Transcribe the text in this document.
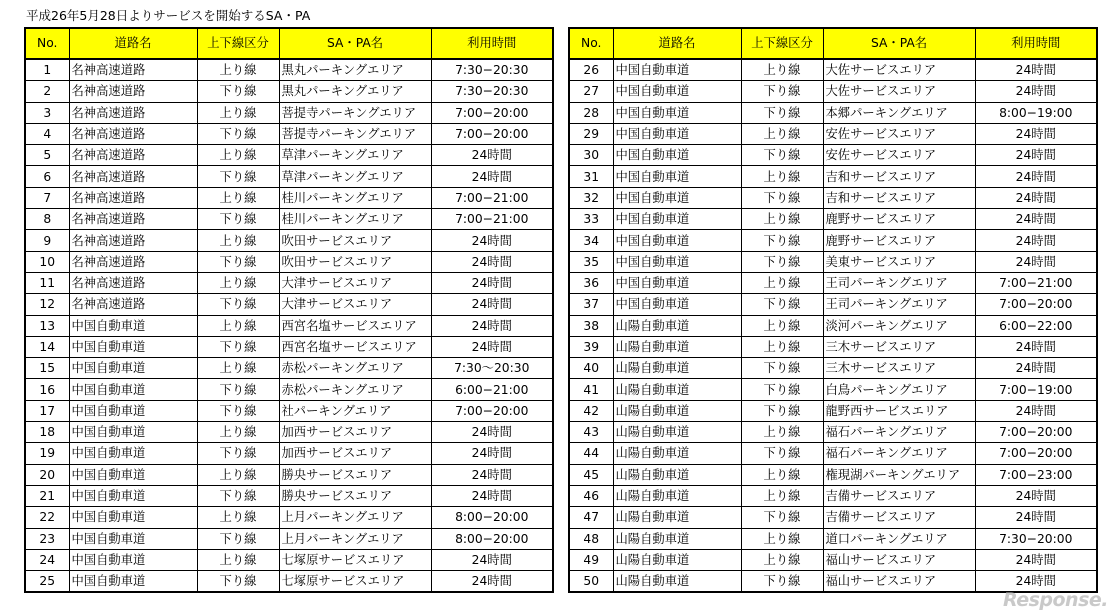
平成26年5月28日よりサービスを開始するSA・PA
No.	道路名	上下線区分	SA・PA名	利用時間
1	名神高速道路	上り線	黒丸パーキングエリア	7:30−20:30
2	名神高速道路	下り線	黒丸パーキングエリア	7:30−20:30
3	名神高速道路	上り線	菩提寺パーキングエリア	7:00−20:00
4	名神高速道路	下り線	菩提寺パーキングエリア	7:00−20:00
5	名神高速道路	上り線	草津パーキングエリア	24時間
6	名神高速道路	下り線	草津パーキングエリア	24時間
7	名神高速道路	上り線	桂川パーキングエリア	7:00−21:00
8	名神高速道路	下り線	桂川パーキングエリア	7:00−21:00
9	名神高速道路	上り線	吹田サービスエリア	24時間
10	名神高速道路	下り線	吹田サービスエリア	24時間
11	名神高速道路	上り線	大津サービスエリア	24時間
12	名神高速道路	下り線	大津サービスエリア	24時間
13	中国自動車道	上り線	西宮名塩サービスエリア	24時間
14	中国自動車道	下り線	西宮名塩サービスエリア	24時間
15	中国自動車道	上り線	赤松パーキングエリア	7:30〜20:30
16	中国自動車道	下り線	赤松パーキングエリア	6:00−21:00
17	中国自動車道	下り線	社パーキングエリア	7:00−20:00
18	中国自動車道	上り線	加西サービスエリア	24時間
19	中国自動車道	下り線	加西サービスエリア	24時間
20	中国自動車道	上り線	勝央サービスエリア	24時間
21	中国自動車道	下り線	勝央サービスエリア	24時間
22	中国自動車道	上り線	上月パーキングエリア	8:00−20:00
23	中国自動車道	下り線	上月パーキングエリア	8:00−20:00
24	中国自動車道	上り線	七塚原サービスエリア	24時間
25	中国自動車道	下り線	七塚原サービスエリア	24時間
No.	道路名	上下線区分	SA・PA名	利用時間
26	中国自動車道	上り線	大佐サービスエリア	24時間
27	中国自動車道	下り線	大佐サービスエリア	24時間
28	中国自動車道	下り線	本郷パーキングエリア	8:00−19:00
29	中国自動車道	上り線	安佐サービスエリア	24時間
30	中国自動車道	下り線	安佐サービスエリア	24時間
31	中国自動車道	上り線	吉和サービスエリア	24時間
32	中国自動車道	下り線	吉和サービスエリア	24時間
33	中国自動車道	上り線	鹿野サービスエリア	24時間
34	中国自動車道	下り線	鹿野サービスエリア	24時間
35	中国自動車道	下り線	美東サービスエリア	24時間
36	中国自動車道	上り線	王司パーキングエリア	7:00−21:00
37	中国自動車道	下り線	王司パーキングエリア	7:00−20:00
38	山陽自動車道	上り線	淡河パーキングエリア	6:00−22:00
39	山陽自動車道	上り線	三木サービスエリア	24時間
40	山陽自動車道	下り線	三木サービスエリア	24時間
41	山陽自動車道	下り線	白鳥パーキングエリア	7:00−19:00
42	山陽自動車道	下り線	龍野西サービスエリア	24時間
43	山陽自動車道	上り線	福石パーキングエリア	7:00−20:00
44	山陽自動車道	下り線	福石パーキングエリア	7:00−20:00
45	山陽自動車道	上り線	権現湖パーキングエリア	7:00−23:00
46	山陽自動車道	上り線	吉備サービスエリア	24時間
47	山陽自動車道	下り線	吉備サービスエリア	24時間
48	山陽自動車道	上り線	道口パーキングエリア	7:30−20:00
49	山陽自動車道	上り線	福山サービスエリア	24時間
50	山陽自動車道	下り線	福山サービスエリア	24時間
Response.
